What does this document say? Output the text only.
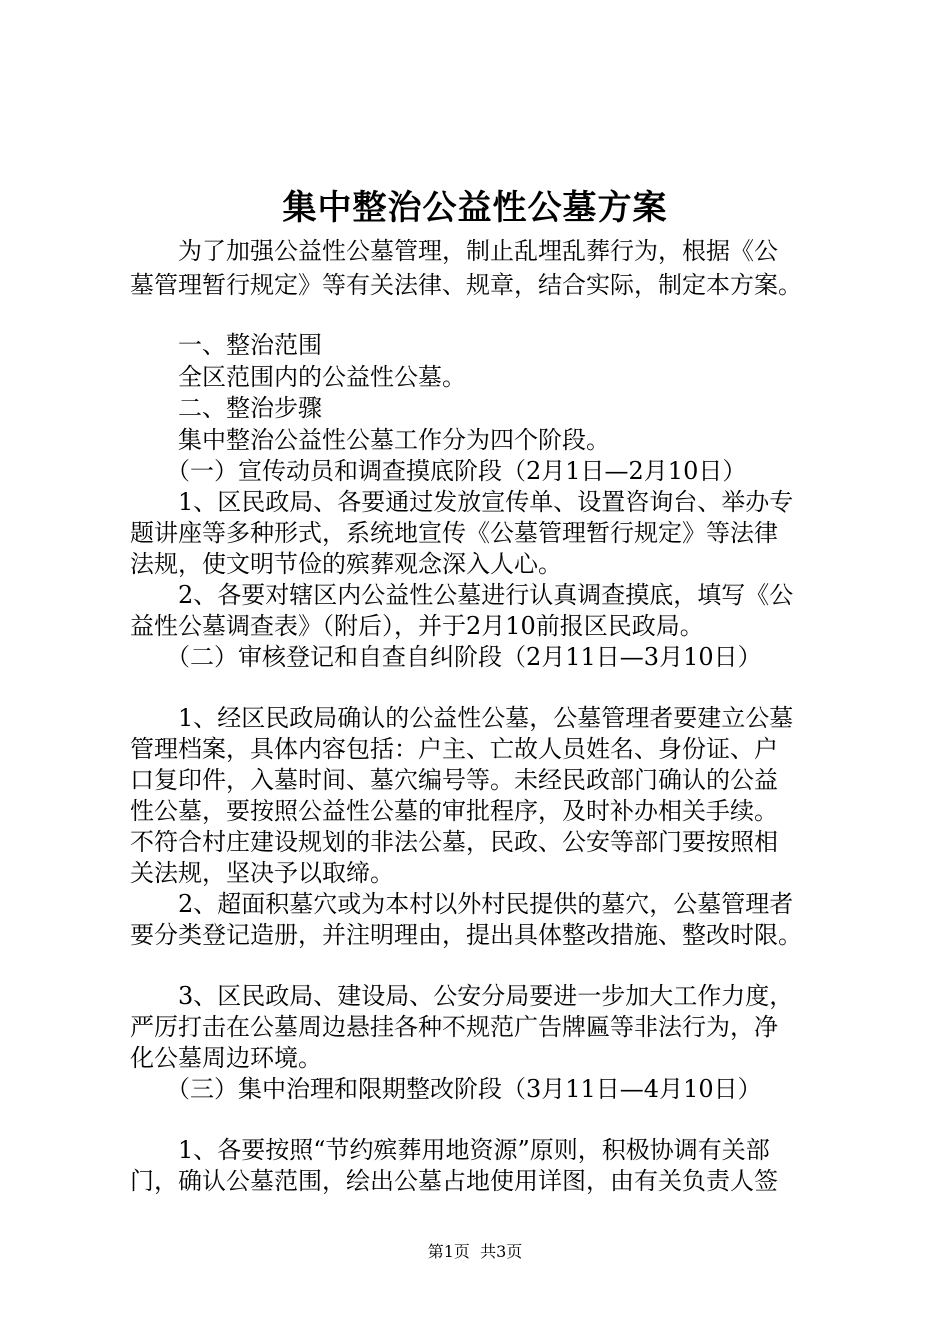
集中整治公益性公墓方案
　　为了加强公益性公墓管理，制止乱埋乱葬行为，根据《公
墓管理暂行规定》等有关法律、规章，结合实际，制定本方案。
　　一、整治范围
　　全区范围内的公益性公墓。
　　二、整治步骤
　　集中整治公益性公墓工作分为四个阶段。
　　（一）宣传动员和调查摸底阶段（2月1日—2月10日）
　　1、区民政局、各要通过发放宣传单、设置咨询台、举办专
题讲座等多种形式，系统地宣传《公墓管理暂行规定》等法律
法规，使文明节俭的殡葬观念深入人心。
　　2、各要对辖区内公益性公墓进行认真调查摸底，填写《公
益性公墓调查表》（附后），并于2月10前报区民政局。
　　（二）审核登记和自查自纠阶段（2月11日—3月10日）
　　1、经区民政局确认的公益性公墓，公墓管理者要建立公墓
管理档案，具体内容包括：户主、亡故人员姓名、身份证、户
口复印件，入墓时间、墓穴编号等。未经民政部门确认的公益
性公墓，要按照公益性公墓的审批程序，及时补办相关手续。
不符合村庄建设规划的非法公墓，民政、公安等部门要按照相
关法规，坚决予以取缔。
　　2、超面积墓穴或为本村以外村民提供的墓穴，公墓管理者
要分类登记造册，并注明理由，提出具体整改措施、整改时限。
　　3、区民政局、建设局、公安分局要进一步加大工作力度，
严厉打击在公墓周边悬挂各种不规范广告牌匾等非法行为，净
化公墓周边环境。
　　（三）集中治理和限期整改阶段（3月11日—4月10日）
　　1、各要按照“节约殡葬用地资源”原则，积极协调有关部
门，确认公墓范围，绘出公墓占地使用详图，由有关负责人签
第1页  共3页
